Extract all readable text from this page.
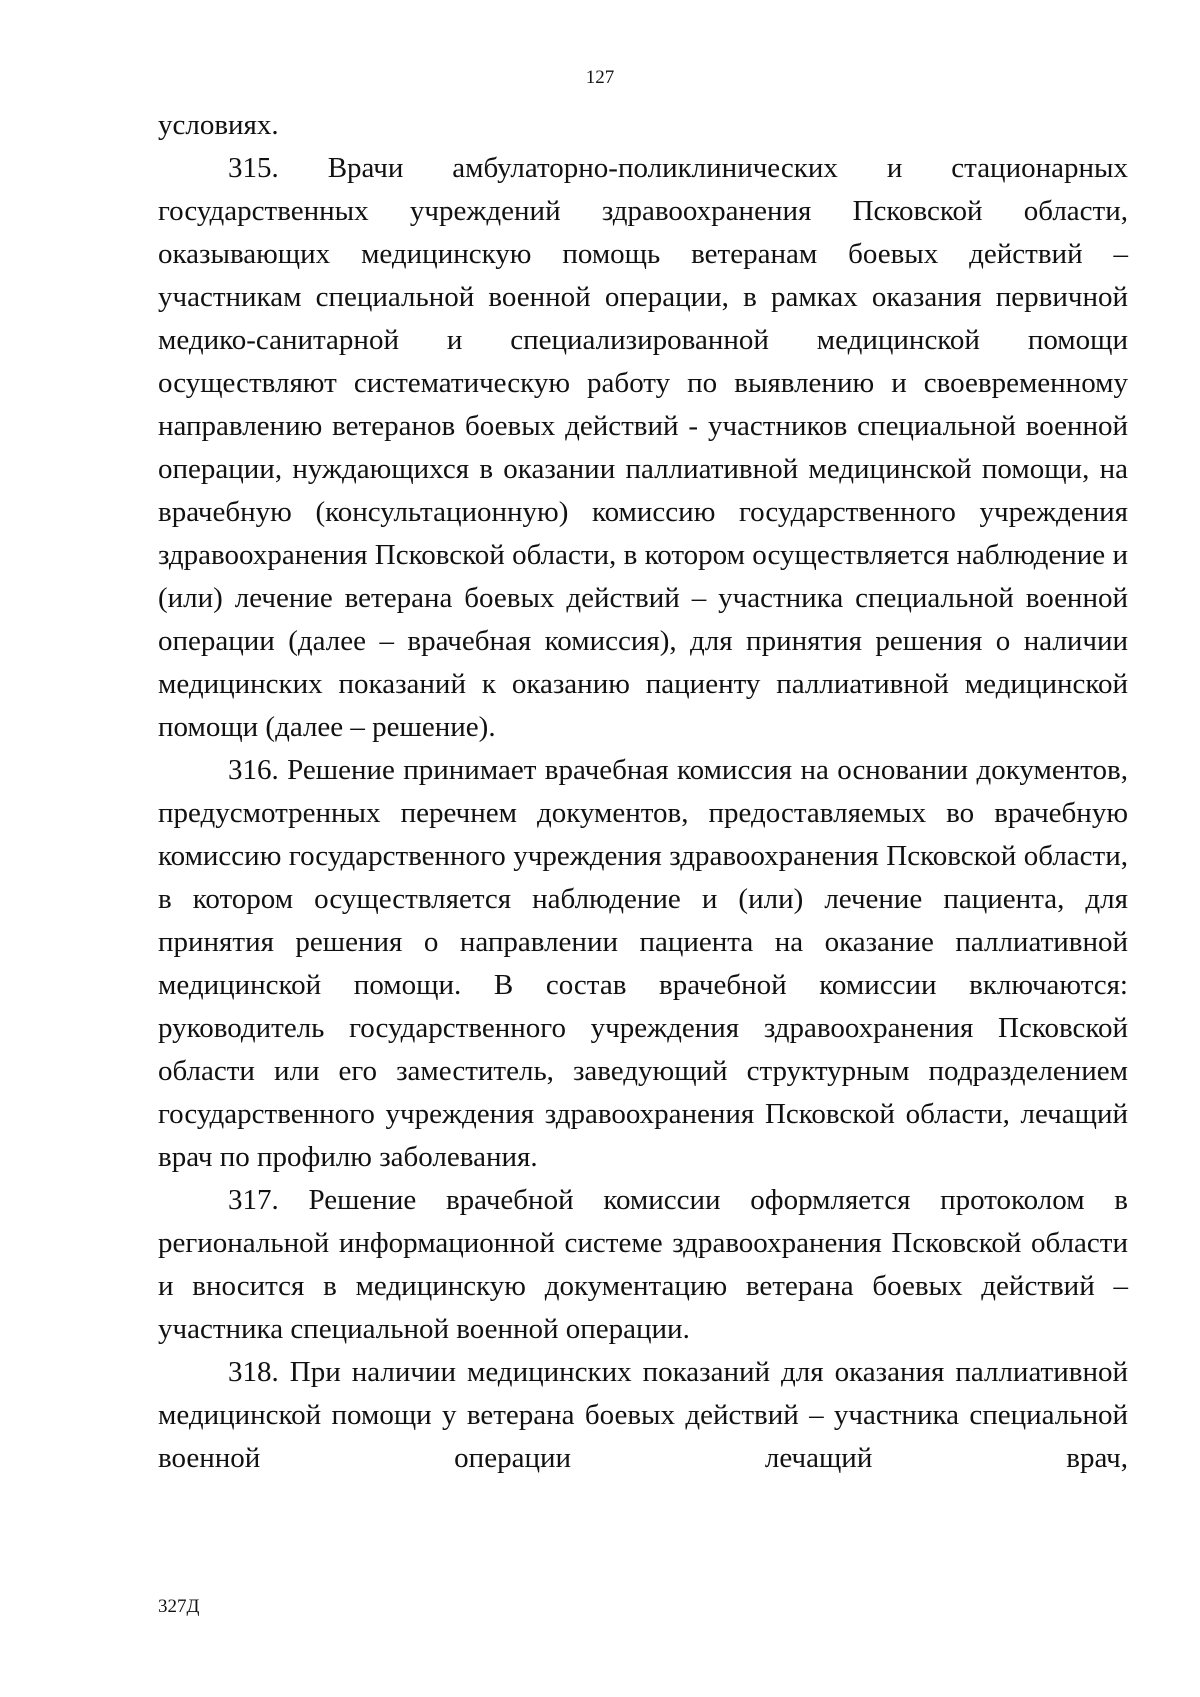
127

условиях.

315. Врачи амбулаторно-поликлинических и стационарных государственных учреждений здравоохранения Псковской области, оказывающих медицинскую помощь ветеранам боевых действий – участникам специальной военной операции, в рамках оказания первичной медико-санитарной и специализированной медицинской помощи осуществляют систематическую работу по выявлению и своевременному направлению ветеранов боевых действий - участников специальной военной операции, нуждающихся в оказании паллиативной медицинской помощи, на врачебную (консультационную) комиссию государственного учреждения здравоохранения Псковской области, в котором осуществляется наблюдение и (или) лечение ветерана боевых действий – участника специальной военной операции (далее – врачебная комиссия), для принятия решения о наличии медицинских показаний к оказанию пациенту паллиативной медицинской помощи (далее – решение).

316. Решение принимает врачебная комиссия на основании документов, предусмотренных перечнем документов, предоставляемых во врачебную комиссию государственного учреждения здравоохранения Псковской области, в котором осуществляется наблюдение и (или) лечение пациента, для принятия решения о направлении пациента на оказание паллиативной медицинской помощи. В состав врачебной комиссии включаются: руководитель государственного учреждения здравоохранения Псковской области или его заместитель, заведующий структурным подразделением государственного учреждения здравоохранения Псковской области, лечащий врач по профилю заболевания.

317. Решение врачебной комиссии оформляется протоколом в региональной информационной системе здравоохранения Псковской области и вносится в медицинскую документацию ветерана боевых действий – участника специальной военной операции.

318. При наличии медицинских показаний для оказания паллиативной медицинской помощи у ветерана боевых действий – участника специальной военной операции лечащий врач,

327Д
